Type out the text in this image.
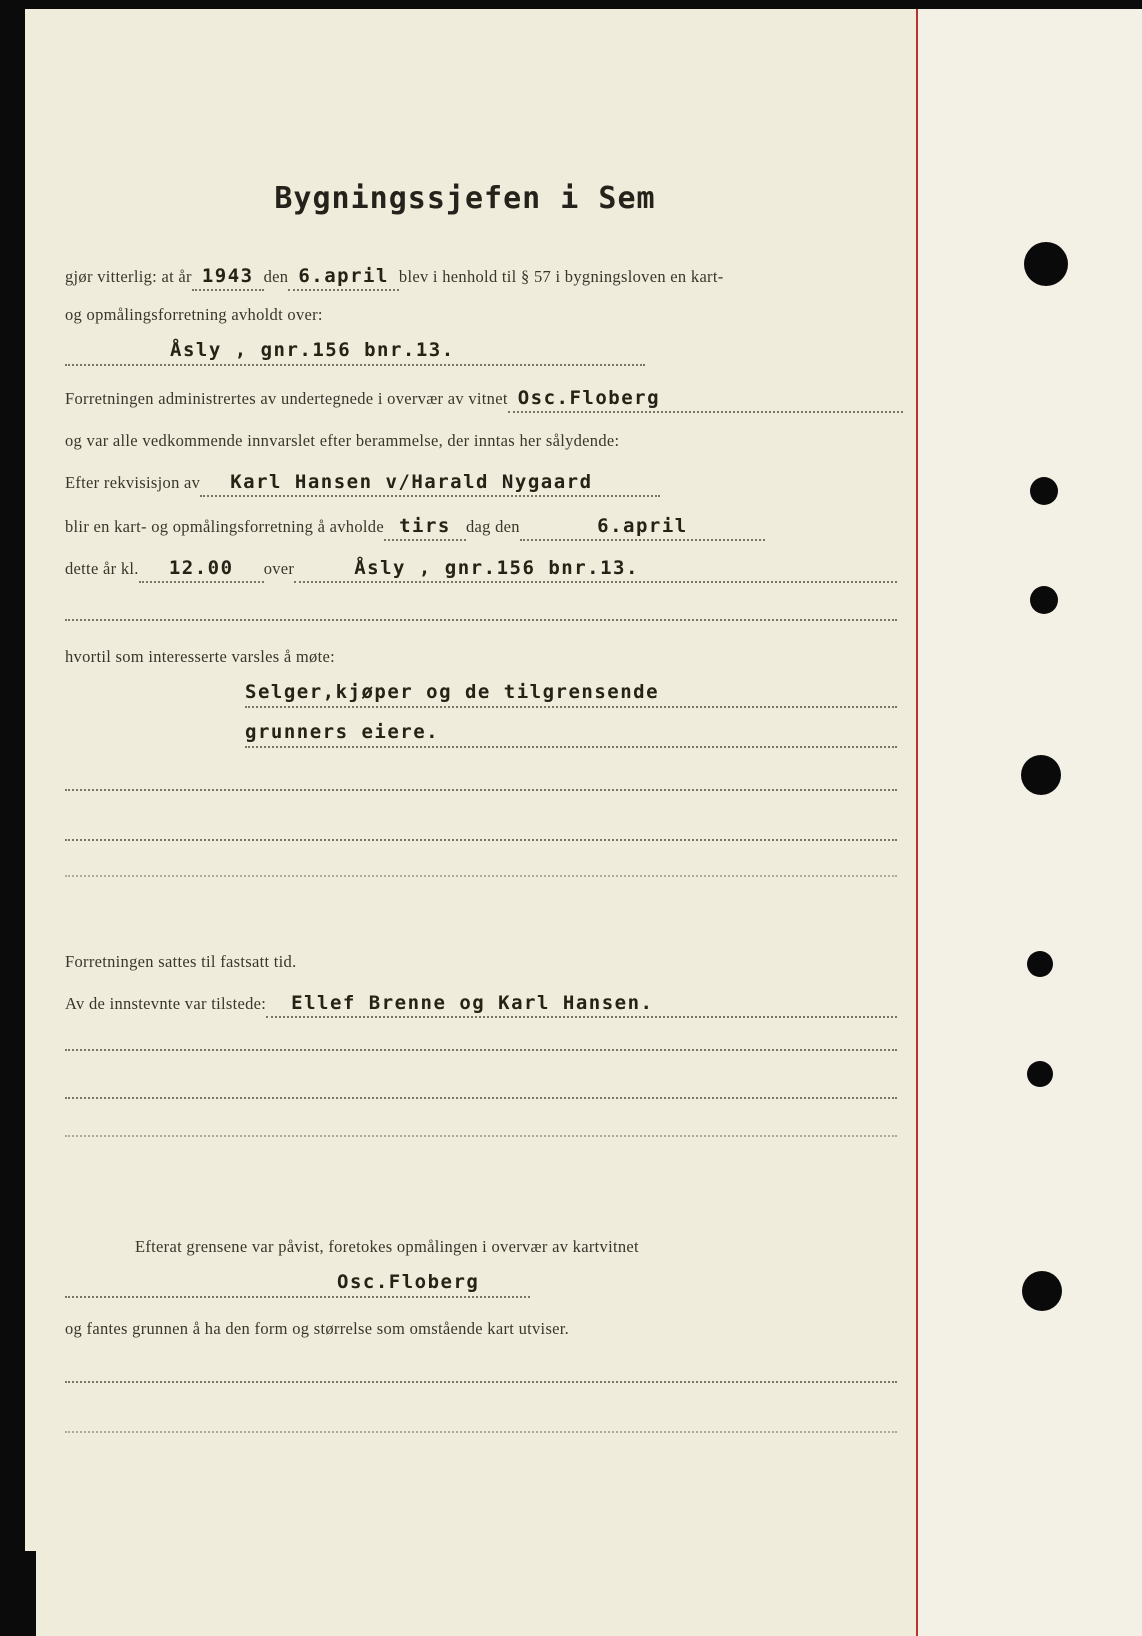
Bygningssjefen i Sem
gjør vitterlig: at år 1943 den 6.april blev i henhold til § 57 i bygningsloven en kart-
og opmålingsforretning avholdt over:
Åsly , gnr.156 bnr.13.
Forretningen administrertes av undertegnede i overvær av vitnet Osc.Floberg
og var alle vedkommende innvarslet efter berammelse, der inntas her sålydende:
Efter rekvisisjon av	Karl Hansen v/Harald Nygaard
blir en kart- og opmålingsforretning å avholde tirs dag den	6.april
dette år kl.	12.00	over	Åsly , gnr.156 bnr.13.
hvortil som interesserte varsles å møte:
Selger,kjøper og de tilgrensende
grunners eiere.
Forretningen sattes til fastsatt tid.
Av de innstevnte var tilstede:	Ellef Brenne og Karl Hansen.
Efterat grensene var påvist, foretokes opmålingen i overvær av kartvitnet
Osc.Floberg
og fantes grunnen å ha den form og størrelse som omstående kart utviser.
